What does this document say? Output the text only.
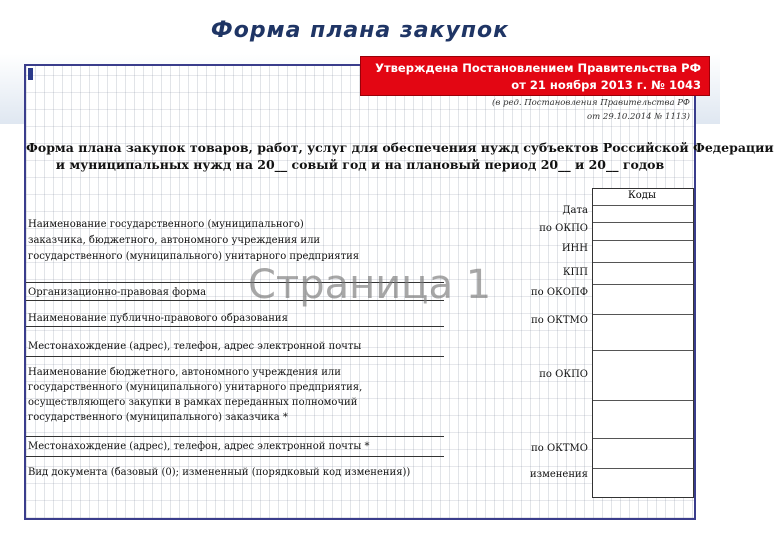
Форма плана закупок
(в ред. Постановления Правительства РФ
от 29.10.2014 № 1113)
Форма плана закупок товаров, работ, услуг для обеспечения нужд субъектов Российской Федерации
и муниципальных нужд на 20__ совый год и на плановый период 20__ и 20__ годов
Коды
Наименование государственного (муниципального)
заказчика, бюджетного, автономного учреждения или
государственного (муниципального) унитарного предприятия
Организационно-правовая форма
Наименование публично-правового образования
Местонахождение (адрес), телефон, адрес электронной почты
Наименование бюджетного, автономного учреждения или
государственного (муниципального) унитарного предприятия,
осуществляющего закупки в рамках переданных полномочий
государственного (муниципального) заказчика *
Местонахождение (адрес), телефон, адрес электронной почты *
Вид документа (базовый (0); измененный (порядковый код изменения))
Дата
по ОКПО
ИНН
КПП
по ОКОПФ
по ОКТМО
по ОКПО
по ОКТМО
изменения
Страница 1
Утверждена Постановлением Правительства РФ
от 21 ноября 2013 г. № 1043
